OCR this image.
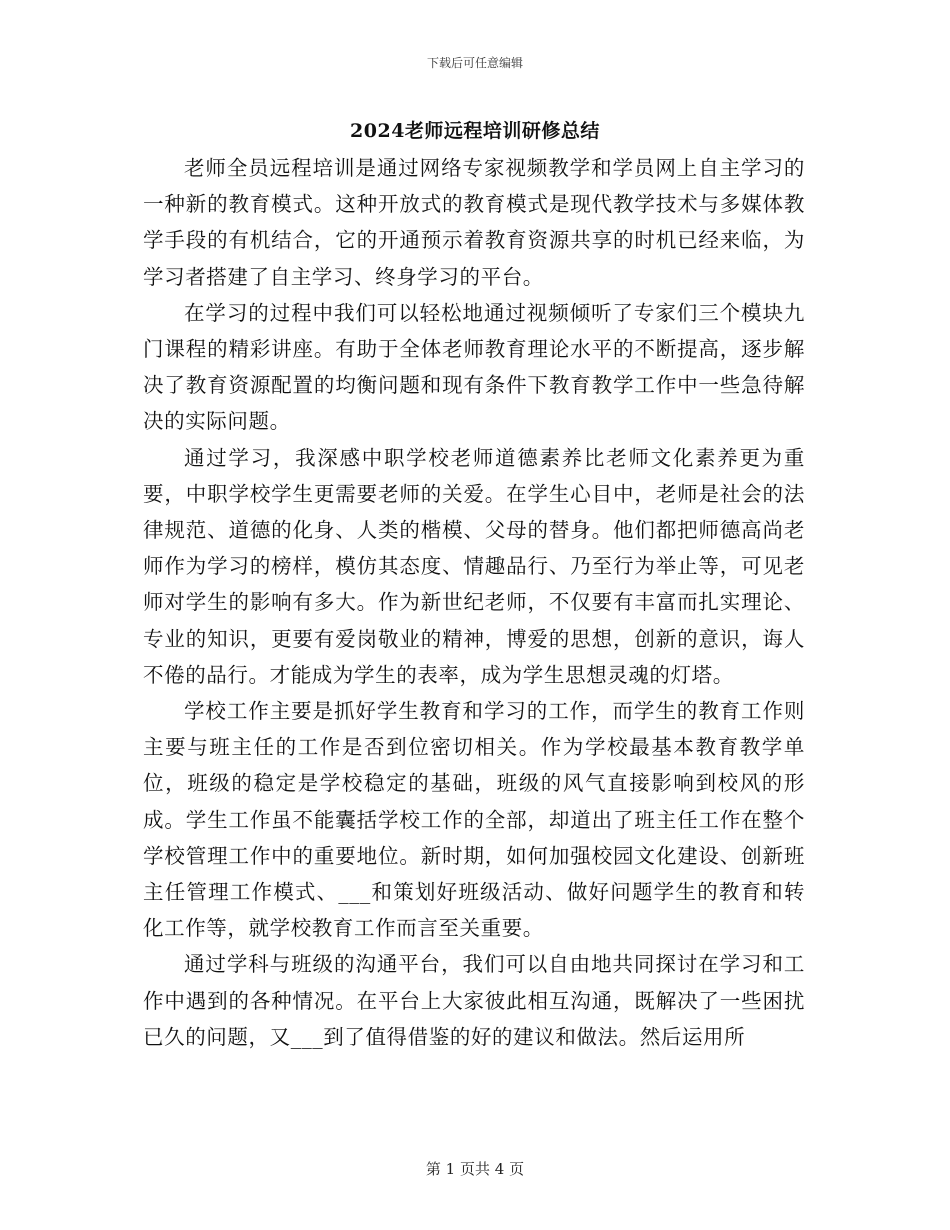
下载后可任意编辑
2024老师远程培训研修总结

老师全员远程培训是通过网络专家视频教学和学员网上自主学习的一种新的教育模式。这种开放式的教育模式是现代教学技术与多媒体教学手段的有机结合，它的开通预示着教育资源共享的时机已经来临，为学习者搭建了自主学习、终身学习的平台。

在学习的过程中我们可以轻松地通过视频倾听了专家们三个模块九门课程的精彩讲座。有助于全体老师教育理论水平的不断提高，逐步解决了教育资源配置的均衡问题和现有条件下教育教学工作中一些急待解决的实际问题。

通过学习，我深感中职学校老师道德素养比老师文化素养更为重要，中职学校学生更需要老师的关爱。在学生心目中，老师是社会的法律规范、道德的化身、人类的楷模、父母的替身。他们都把师德高尚老师作为学习的榜样，模仿其态度、情趣品行、乃至行为举止等，可见老师对学生的影响有多大。作为新世纪老师，不仅要有丰富而扎实理论、专业的知识，更要有爱岗敬业的精神，博爱的思想，创新的意识，诲人不倦的品行。才能成为学生的表率，成为学生思想灵魂的灯塔。

学校工作主要是抓好学生教育和学习的工作，而学生的教育工作则主要与班主任的工作是否到位密切相关。作为学校最基本教育教学单位，班级的稳定是学校稳定的基础，班级的风气直接影响到校风的形成。学生工作虽不能囊括学校工作的全部，却道出了班主任工作在整个学校管理工作中的重要地位。新时期，如何加强校园文化建设、创新班主任管理工作模式、___和策划好班级活动、做好问题学生的教育和转化工作等，就学校教育工作而言至关重要。

通过学科与班级的沟通平台，我们可以自由地共同探讨在学习和工作中遇到的各种情况。在平台上大家彼此相互沟通，既解决了一些困扰已久的问题，又___到了值得借鉴的好的建议和做法。然后运用所

第 1 页共 4 页
